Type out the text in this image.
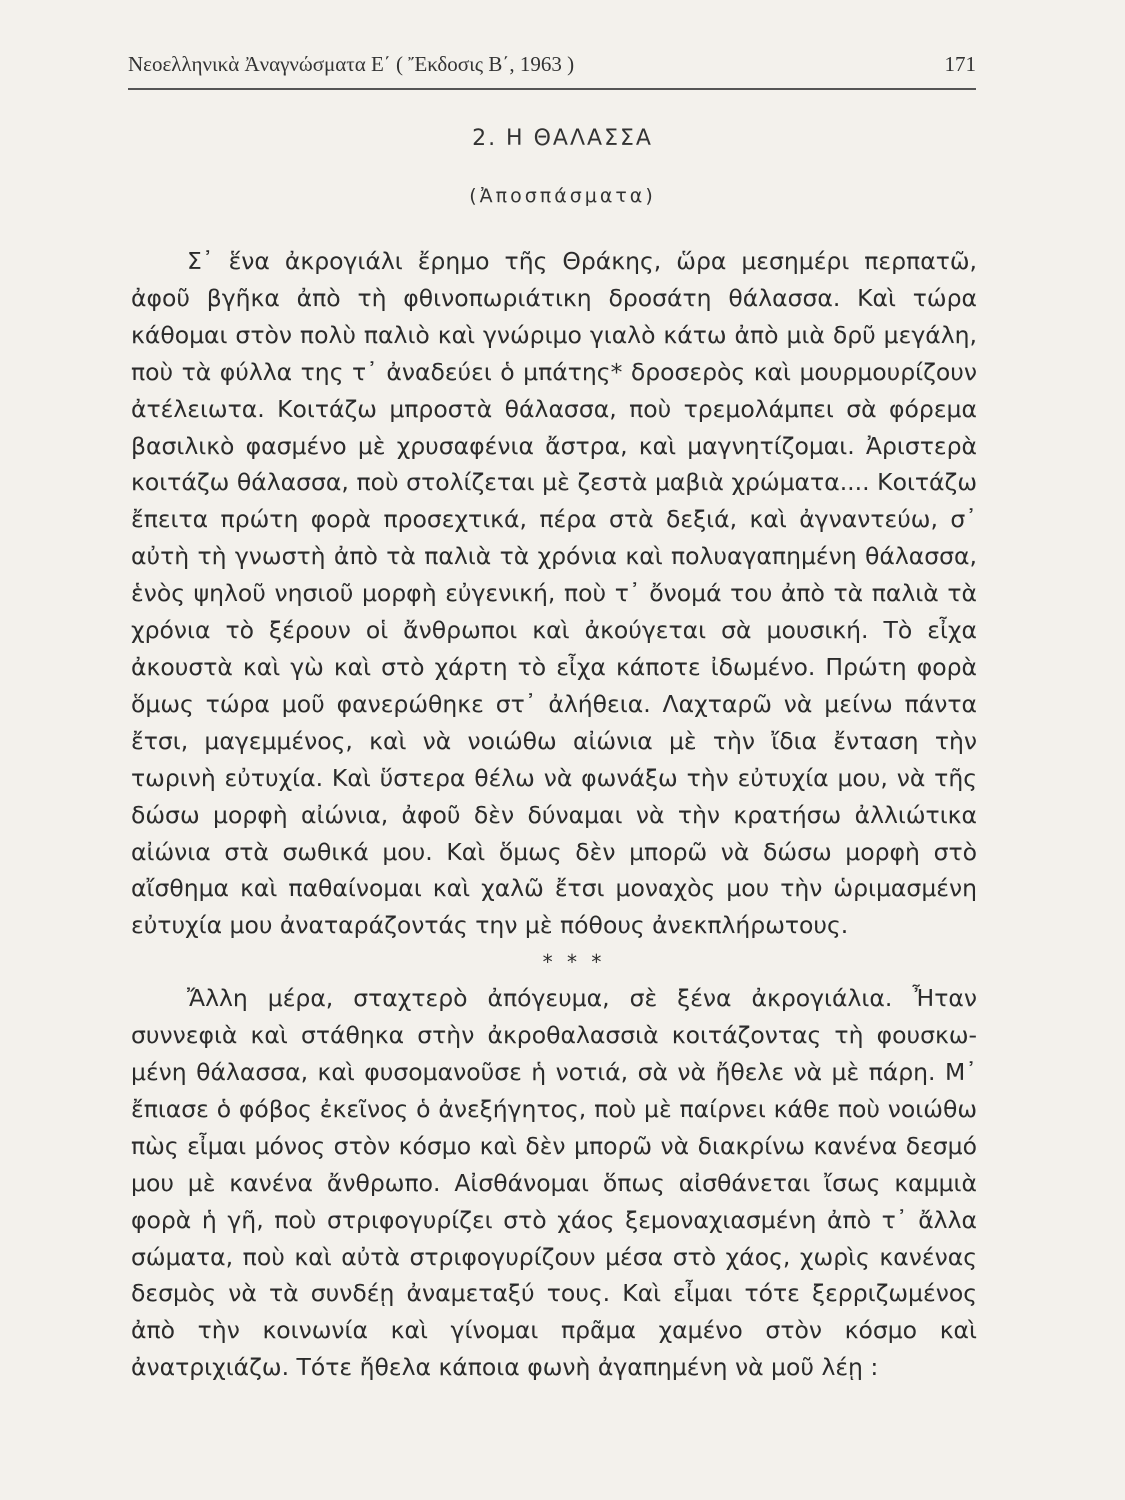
Νεοελληνικὰ Ἀναγνώσματα Ε΄ ( Ἔκδοσις Β΄, 1963 )	171
2. Η ΘΑΛΑΣΣΑ
(Ἀποσπάσματα)

Σ᾿ ἕνα ἀκρογιάλι ἔρημο τῆς Θράκης, ὥρα μεσημέρι περπατῶ, ἀφοῦ βγῆκα ἀπὸ τὴ φθινοπωριάτικη δροσάτη θάλασσα. Καὶ τώρα κάθομαι στὸν πολὺ παλιὸ καὶ γνώριμο γιαλὸ κάτω ἀπὸ μιὰ δρῦ μεγάλη, ποὺ τὰ φύλλα της τ᾿ ἀναδεύει ὁ μπάτης* δροσερὸς καὶ μουρμουρίζουν ἀτέλειωτα. Κοιτάζω μπροστὰ θάλασσα, ποὺ τρεμολάμπει σὰ φόρεμα βασιλικὸ φασμένο μὲ χρυσαφένια ἄστρα, καὶ μαγνητίζομαι. Ἀριστερὰ κοιτάζω θάλασσα, ποὺ στολίζεται μὲ ζεστὰ μαβιὰ χρώματα.... Κοιτάζω ἔπειτα πρώτη φορὰ προσεχτικά, πέρα στὰ δεξιά, καὶ ἀγναντεύω, σ᾿ αὐτὴ τὴ γνωστὴ ἀπὸ τὰ παλιὰ τὰ χρόνια καὶ πολυαγαπημένη θάλασσα, ἑνὸς ψηλοῦ νησιοῦ μορφὴ εὐγενική, ποὺ τ᾿ ὄνομά του ἀπὸ τὰ παλιὰ τὰ χρόνια τὸ ξέρουν οἱ ἄνθρωποι καὶ ἀκούγεται σὰ μουσική. Τὸ εἶχα ἀκουστὰ καὶ γὼ καὶ στὸ χάρτη τὸ εἶχα κάποτε ἰδωμένο. Πρώτη φορὰ ὅμως τώρα μοῦ φανερώθηκε στ᾿ ἀλήθεια. Λαχταρῶ νὰ μείνω πάντα ἔτσι, μαγεμμένος, καὶ νὰ νοιώθω αἰώνια μὲ τὴν ἴδια ἔνταση τὴν τωρινὴ εὐτυχία. Καὶ ὕστερα θέλω νὰ φωνάξω τὴν εὐτυχία μου, νὰ τῆς δώσω μορφὴ αἰώνια, ἀφοῦ δὲν δύναμαι νὰ τὴν κρατήσω ἀλλιώτικα αἰώνια στὰ σωθικά μου. Καὶ ὅμως δὲν μπορῶ νὰ δώσω μορφὴ στὸ αἴσθημα καὶ παθαίνομαι καὶ χαλῶ ἔτσι μοναχὸς μου τὴν ὡριμασμένη εὐτυχία μου ἀναταράζοντάς την μὲ πόθους ἀνεκπλήρωτους.

* * *

Ἄλλη μέρα, σταχτερὸ ἀπόγευμα, σὲ ξένα ἀκρογιάλια. Ἦταν συννεφιὰ καὶ στάθηκα στὴν ἀκροθαλασσιὰ κοιτάζοντας τὴ φουσκωμένη θάλασσα, καὶ φυσομανοῦσε ἡ νοτιά, σὰ νὰ ἤθελε νὰ μὲ πάρη. Μ᾿ ἔπιασε ὁ φόβος ἐκεῖνος ὁ ἀνεξήγητος, ποὺ μὲ παίρνει κάθε ποὺ νοιώθω πὼς εἶμαι μόνος στὸν κόσμο καὶ δὲν μπορῶ νὰ διακρίνω κανένα δεσμό μου μὲ κανένα ἄνθρωπο. Αἰσθάνομαι ὅπως αἰσθάνεται ἴσως καμμιὰ φορὰ ἡ γῆ, ποὺ στριφογυρίζει στὸ χάος ξεμοναχιασμένη ἀπὸ τ᾿ ἄλλα σώματα, ποὺ καὶ αὐτὰ στριφογυρίζουν μέσα στὸ χάος, χωρὶς κανένας δεσμὸς νὰ τὰ συνδέῃ ἀναμεταξύ τους. Καὶ εἶμαι τότε ξερριζωμένος ἀπὸ τὴν κοινωνία καὶ γίνομαι πρᾶμα χαμένο στὸν κόσμο καὶ ἀνατριχιάζω. Τότε ἤθελα κάποια φωνὴ ἀγαπημένη νὰ μοῦ λέῃ :
